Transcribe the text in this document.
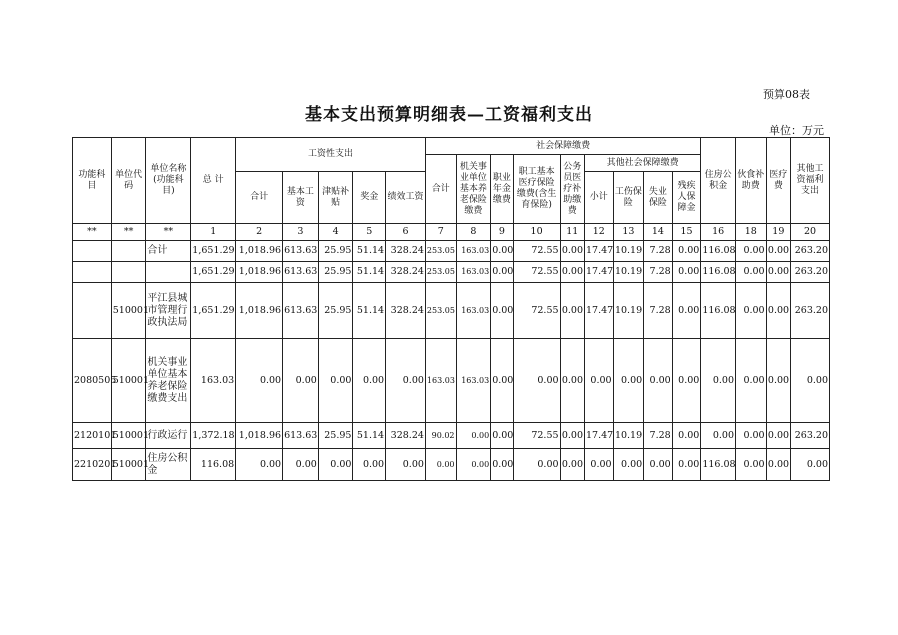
预算08表
基本支出预算明细表—工资福利支出
单位：万元
功能科目	单位代码	单位名称(功能科目)	总 计	工资性支出					社会保障缴费									住房公积金	伙食补助费	医疗费	其他工资福利支出
									合计	机关事业单位基本养老保险缴费	职业年金缴费	职工基本医疗保险缴费(含生育保险)	公务员医疗补助缴费	其他社会保障缴费							
				合计	基本工资	津贴补贴	奖金	绩效工资						小计	工伤保险	失业保险	残疾人保障金				
**	**	**	1	2	3	4	5	6	7	8	9	10	11	12	13	14	15	16	18	19	20
		合计	1,651.29	1,018.96	613.63	25.95	51.14	328.24	253.05	163.03	0.00	72.55	0.00	17.47	10.19	7.28	0.00	116.08	0.00	0.00	263.20
			1,651.29	1,018.96	613.63	25.95	51.14	328.24	253.05	163.03	0.00	72.55	0.00	17.47	10.19	7.28	0.00	116.08	0.00	0.00	263.20
	510001	平江县城市管理行政执法局	1,651.29	1,018.96	613.63	25.95	51.14	328.24	253.05	163.03	0.00	72.55	0.00	17.47	10.19	7.28	0.00	116.08	0.00	0.00	263.20
2080505	510001	机关事业单位基本养老保险缴费支出	163.03	0.00	0.00	0.00	0.00	0.00	163.03	163.03	0.00	0.00	0.00	0.00	0.00	0.00	0.00	0.00	0.00	0.00	0.00
2120101	510001	行政运行	1,372.18	1,018.96	613.63	25.95	51.14	328.24	90.02	0.00	0.00	72.55	0.00	17.47	10.19	7.28	0.00	0.00	0.00	0.00	263.20
2210201	510001	住房公积金	116.08	0.00	0.00	0.00	0.00	0.00	0.00	0.00	0.00	0.00	0.00	0.00	0.00	0.00	0.00	116.08	0.00	0.00	0.00
